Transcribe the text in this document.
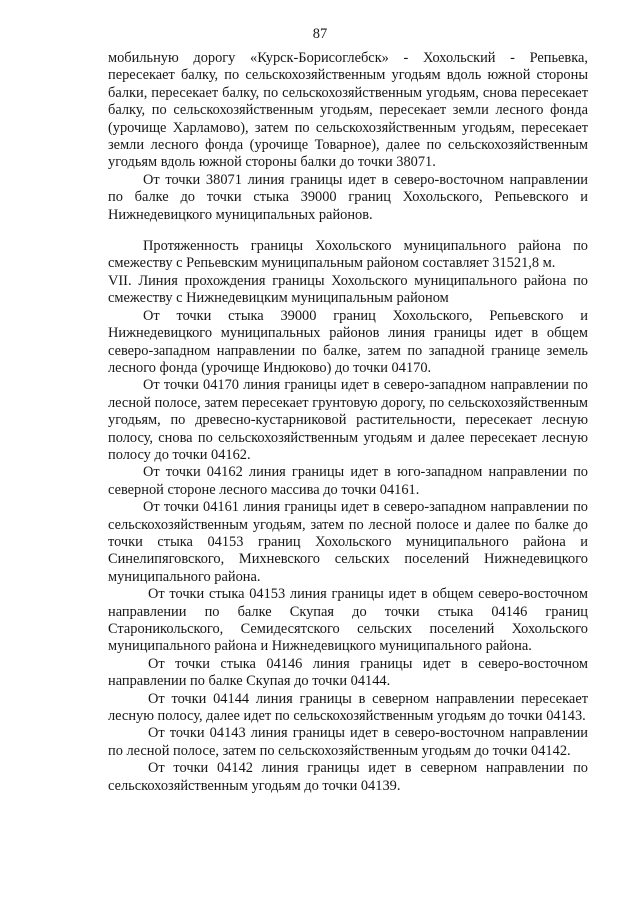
87

мобильную дорогу «Курск-Борисоглебск» - Хохольский - Репьевка, пересекает балку, по сельскохозяйственным угодьям вдоль южной стороны балки, пересекает балку, по сельскохозяйственным угодьям, снова пересекает балку, по сельскохозяйственным угодьям, пересекает земли лесного фонда (урочище Харламово), затем по сельскохозяйственным угодьям, пересекает земли лесного фонда (урочище Товарное), далее по сельскохозяйственным угодьям вдоль южной стороны балки до точки 38071.

От точки 38071 линия границы идет в северо-восточном направлении по балке до точки стыка 39000 границ Хохольского, Репьевского и Нижнедевицкого муниципальных районов.

Протяженность границы Хохольского муниципального района по смежеству с Репьевским муниципальным районом составляет 31521,8 м.

VII. Линия прохождения границы Хохольского муниципального района по смежеству с Нижнедевицким муниципальным районом

От точки стыка 39000 границ Хохольского, Репьевского и Нижнедевицкого муниципальных районов линия границы идет в общем северо-западном направлении по балке, затем по западной границе земель лесного фонда (урочище Индюково) до точки 04170.

От точки 04170 линия границы идет в северо-западном направлении по лесной полосе, затем пересекает грунтовую дорогу, по сельскохозяйственным угодьям, по древесно-кустарниковой растительности, пересекает лесную полосу, снова по сельскохозяйственным угодьям и далее пересекает лесную полосу до точки 04162.

От точки 04162 линия границы идет в юго-западном направлении по северной стороне лесного массива до точки 04161.

От точки 04161 линия границы идет в северо-западном направлении по сельскохозяйственным угодьям, затем по лесной полосе и далее по балке до точки стыка 04153 границ Хохольского муниципального района и Синелипяговского, Михневского сельских поселений Нижнедевицкого муниципального района.

От точки стыка 04153 линия границы идет в общем северо-восточном направлении по балке Скупая до точки стыка 04146 границ Староникольского, Семидесятского сельских поселений Хохольского муниципального района и Нижнедевицкого муниципального района.

От точки стыка 04146 линия границы идет в северо-восточном направлении по балке Скупая до точки 04144.

От точки 04144 линия границы в северном направлении пересекает лесную полосу, далее идет по сельскохозяйственным угодьям до точки 04143.

От точки 04143 линия границы идет в северо-восточном направлении по лесной полосе, затем по сельскохозяйственным угодьям до точки 04142.

От точки 04142 линия границы идет в северном направлении по сельскохозяйственным угодьям до точки 04139.
